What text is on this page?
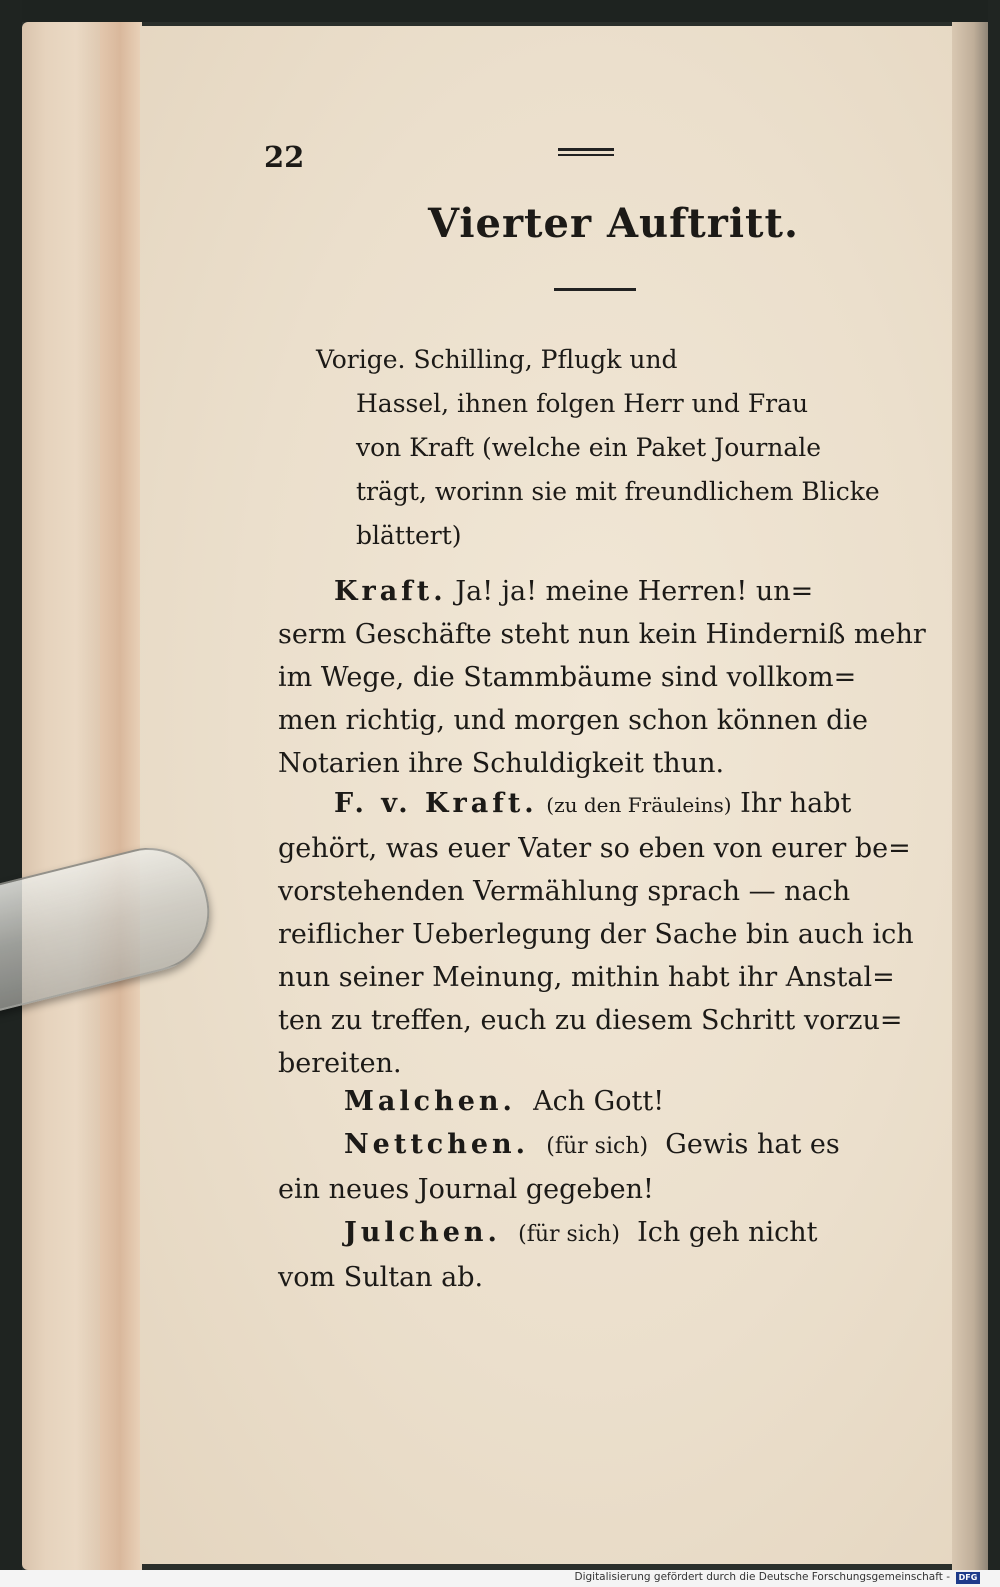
22
Vierter Auftritt.
Vorige. Schilling, Pflugk und
Hassel, ihnen folgen Herr und Frau
von Kraft (welche ein Paket Journale
trägt, worinn sie mit freundlichem Blicke
blättert)
Kraft. Ja! ja! meine Herren! un=
serm Geschäfte steht nun kein Hinderniß mehr
im Wege, die Stammbäume sind vollkom=
men richtig, und morgen schon können die
Notarien ihre Schuldigkeit thun.
F. v. Kraft. (zu den Fräuleins) Ihr habt
gehört, was euer Vater so eben von eurer be=
vorstehenden Vermählung sprach — nach
reiflicher Ueberlegung der Sache bin auch ich
nun seiner Meinung, mithin habt ihr Anstal=
ten zu treffen, euch zu diesem Schritt vorzu=
bereiten.
Malchen. Ach Gott!
Nettchen. (für sich) Gewis hat es
ein neues Journal gegeben!
Julchen. (für sich) Ich geh nicht
vom Sultan ab.
Digitalisierung gefördert durch die Deutsche Forschungsgemeinschaft -	DFG
